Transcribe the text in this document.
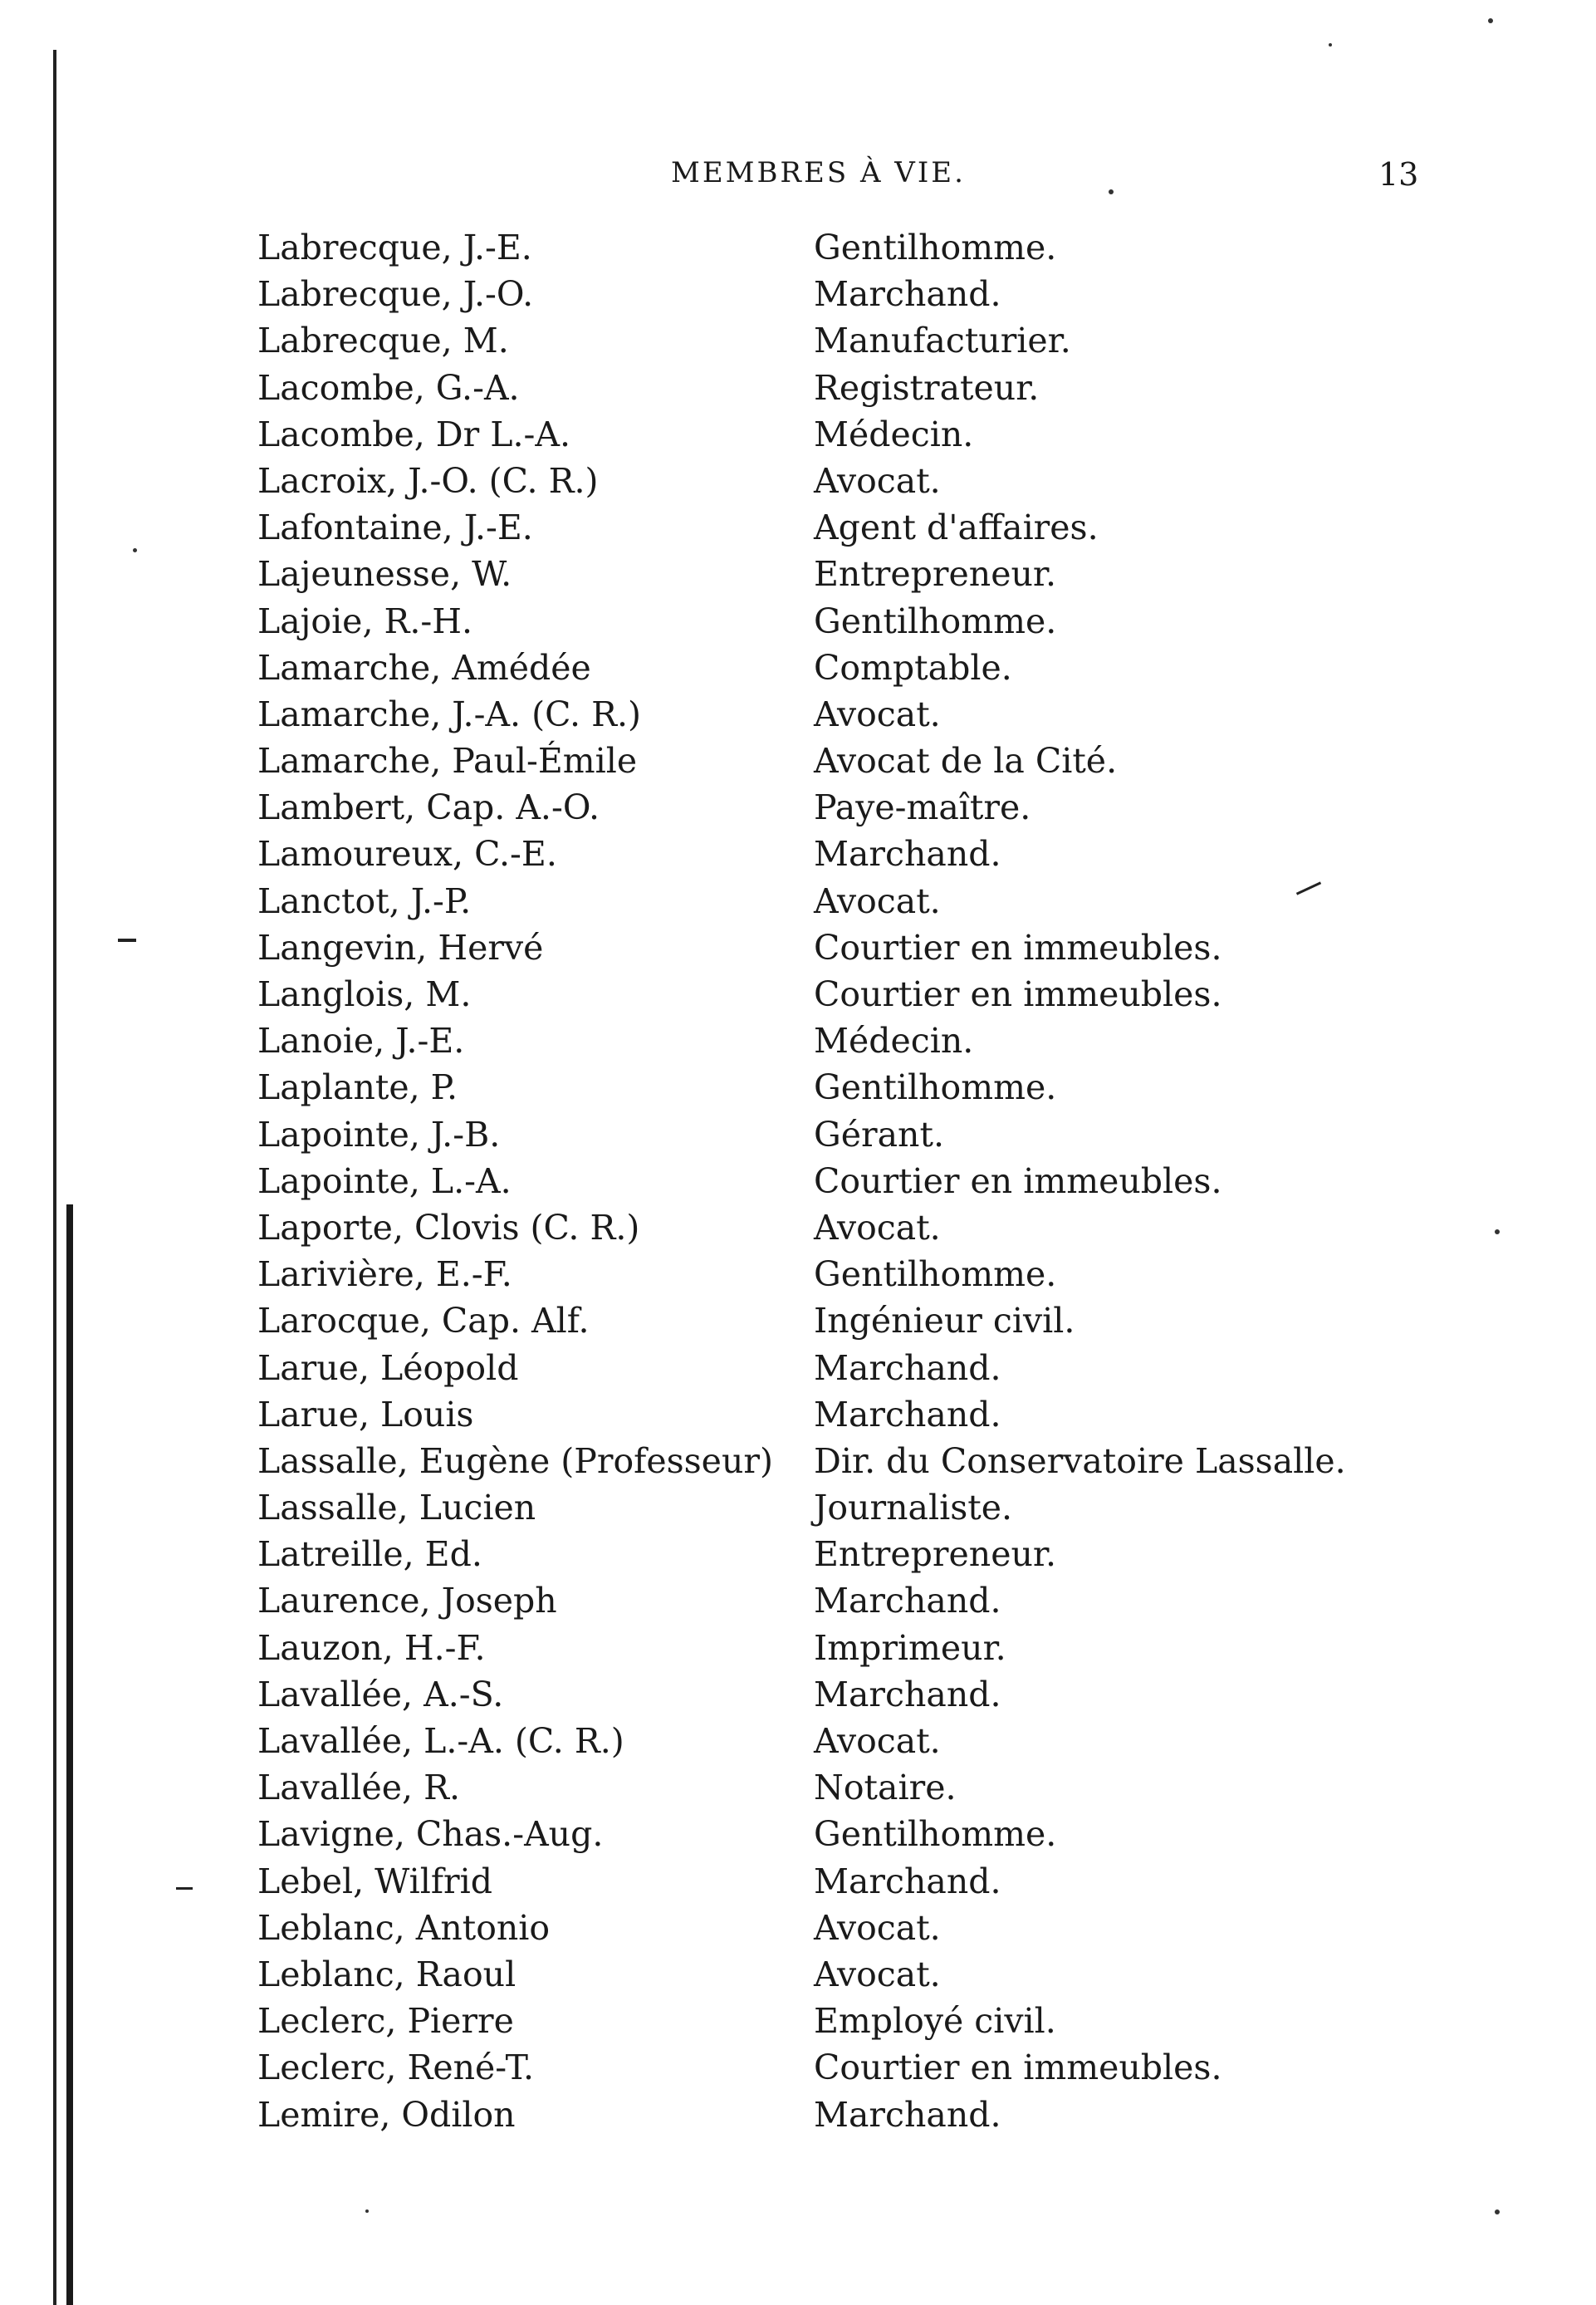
MEMBRES À VIE.	13
Labrecque, J.-E.	Gentilhomme.
Labrecque, J.-O.	Marchand.
Labrecque, M.	Manufacturier.
Lacombe, G.-A.	Registrateur.
Lacombe, Dr L.-A.	Médecin.
Lacroix, J.-O. (C. R.)	Avocat.
Lafontaine, J.-E.	Agent d'affaires.
Lajeunesse, W.	Entrepreneur.
Lajoie, R.-H.	Gentilhomme.
Lamarche, Amédée	Comptable.
Lamarche, J.-A. (C. R.)	Avocat.
Lamarche, Paul-Émile	Avocat de la Cité.
Lambert, Cap. A.-O.	Paye-maître.
Lamoureux, C.-E.	Marchand.
Lanctot, J.-P.	Avocat.
Langevin, Hervé	Courtier en immeubles.
Langlois, M.	Courtier en immeubles.
Lanoie, J.-E.	Médecin.
Laplante, P.	Gentilhomme.
Lapointe, J.-B.	Gérant.
Lapointe, L.-A.	Courtier en immeubles.
Laporte, Clovis (C. R.)	Avocat.
Larivière, E.-F.	Gentilhomme.
Larocque, Cap. Alf.	Ingénieur civil.
Larue, Léopold	Marchand.
Larue, Louis	Marchand.
Lassalle, Eugène (Professeur) Dir. du Conservatoire Lassalle.
Lassalle, Lucien	Journaliste.
Latreille, Ed.	Entrepreneur.
Laurence, Joseph	Marchand.
Lauzon, H.-F.	Imprimeur.
Lavallée, A.-S.	Marchand.
Lavallée, L.-A. (C. R.)	Avocat.
Lavallée, R.	Notaire.
Lavigne, Chas.-Aug.	Gentilhomme.
Lebel, Wilfrid	Marchand.
Leblanc, Antonio	Avocat.
Leblanc, Raoul	Avocat.
Leclerc, Pierre	Employé civil.
Leclerc, René-T.	Courtier en immeubles.
Lemire, Odilon	Marchand.
